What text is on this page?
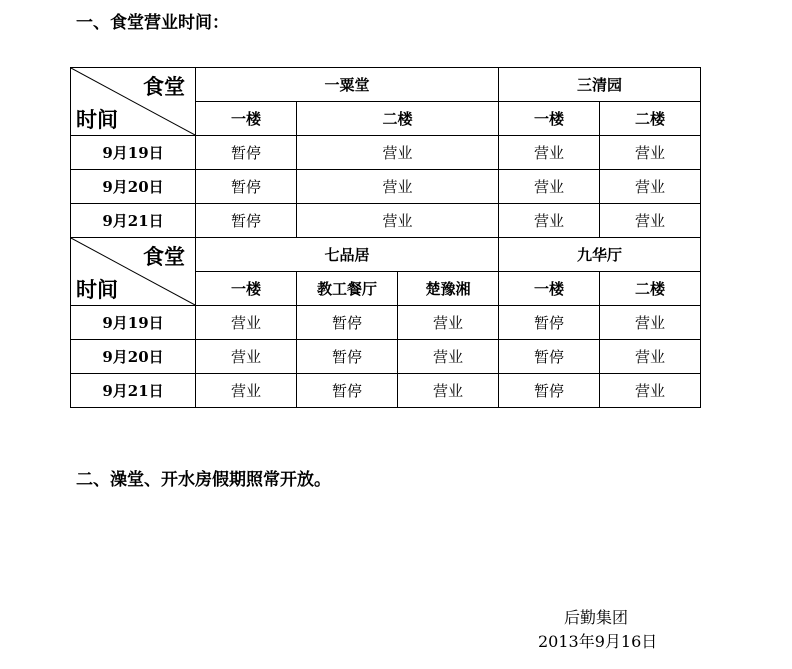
一、食堂营业时间：
食堂
时间	一粟堂			三清园	
	一楼	二楼		一楼	二楼
9月19日	暂停	营业		营业	营业
9月20日	暂停	营业		营业	营业
9月21日	暂停	营业		营业	营业

食堂
时间	七品居			九华厅	
	一楼	教工餐厅	楚豫湘	一楼	二楼
9月19日	营业	暂停	营业	暂停	营业
9月20日	营业	暂停	营业	暂停	营业
9月21日	营业	暂停	营业	暂停	营业
二、澡堂、开水房假期照常开放。
后勤集团
2013年9月16日
